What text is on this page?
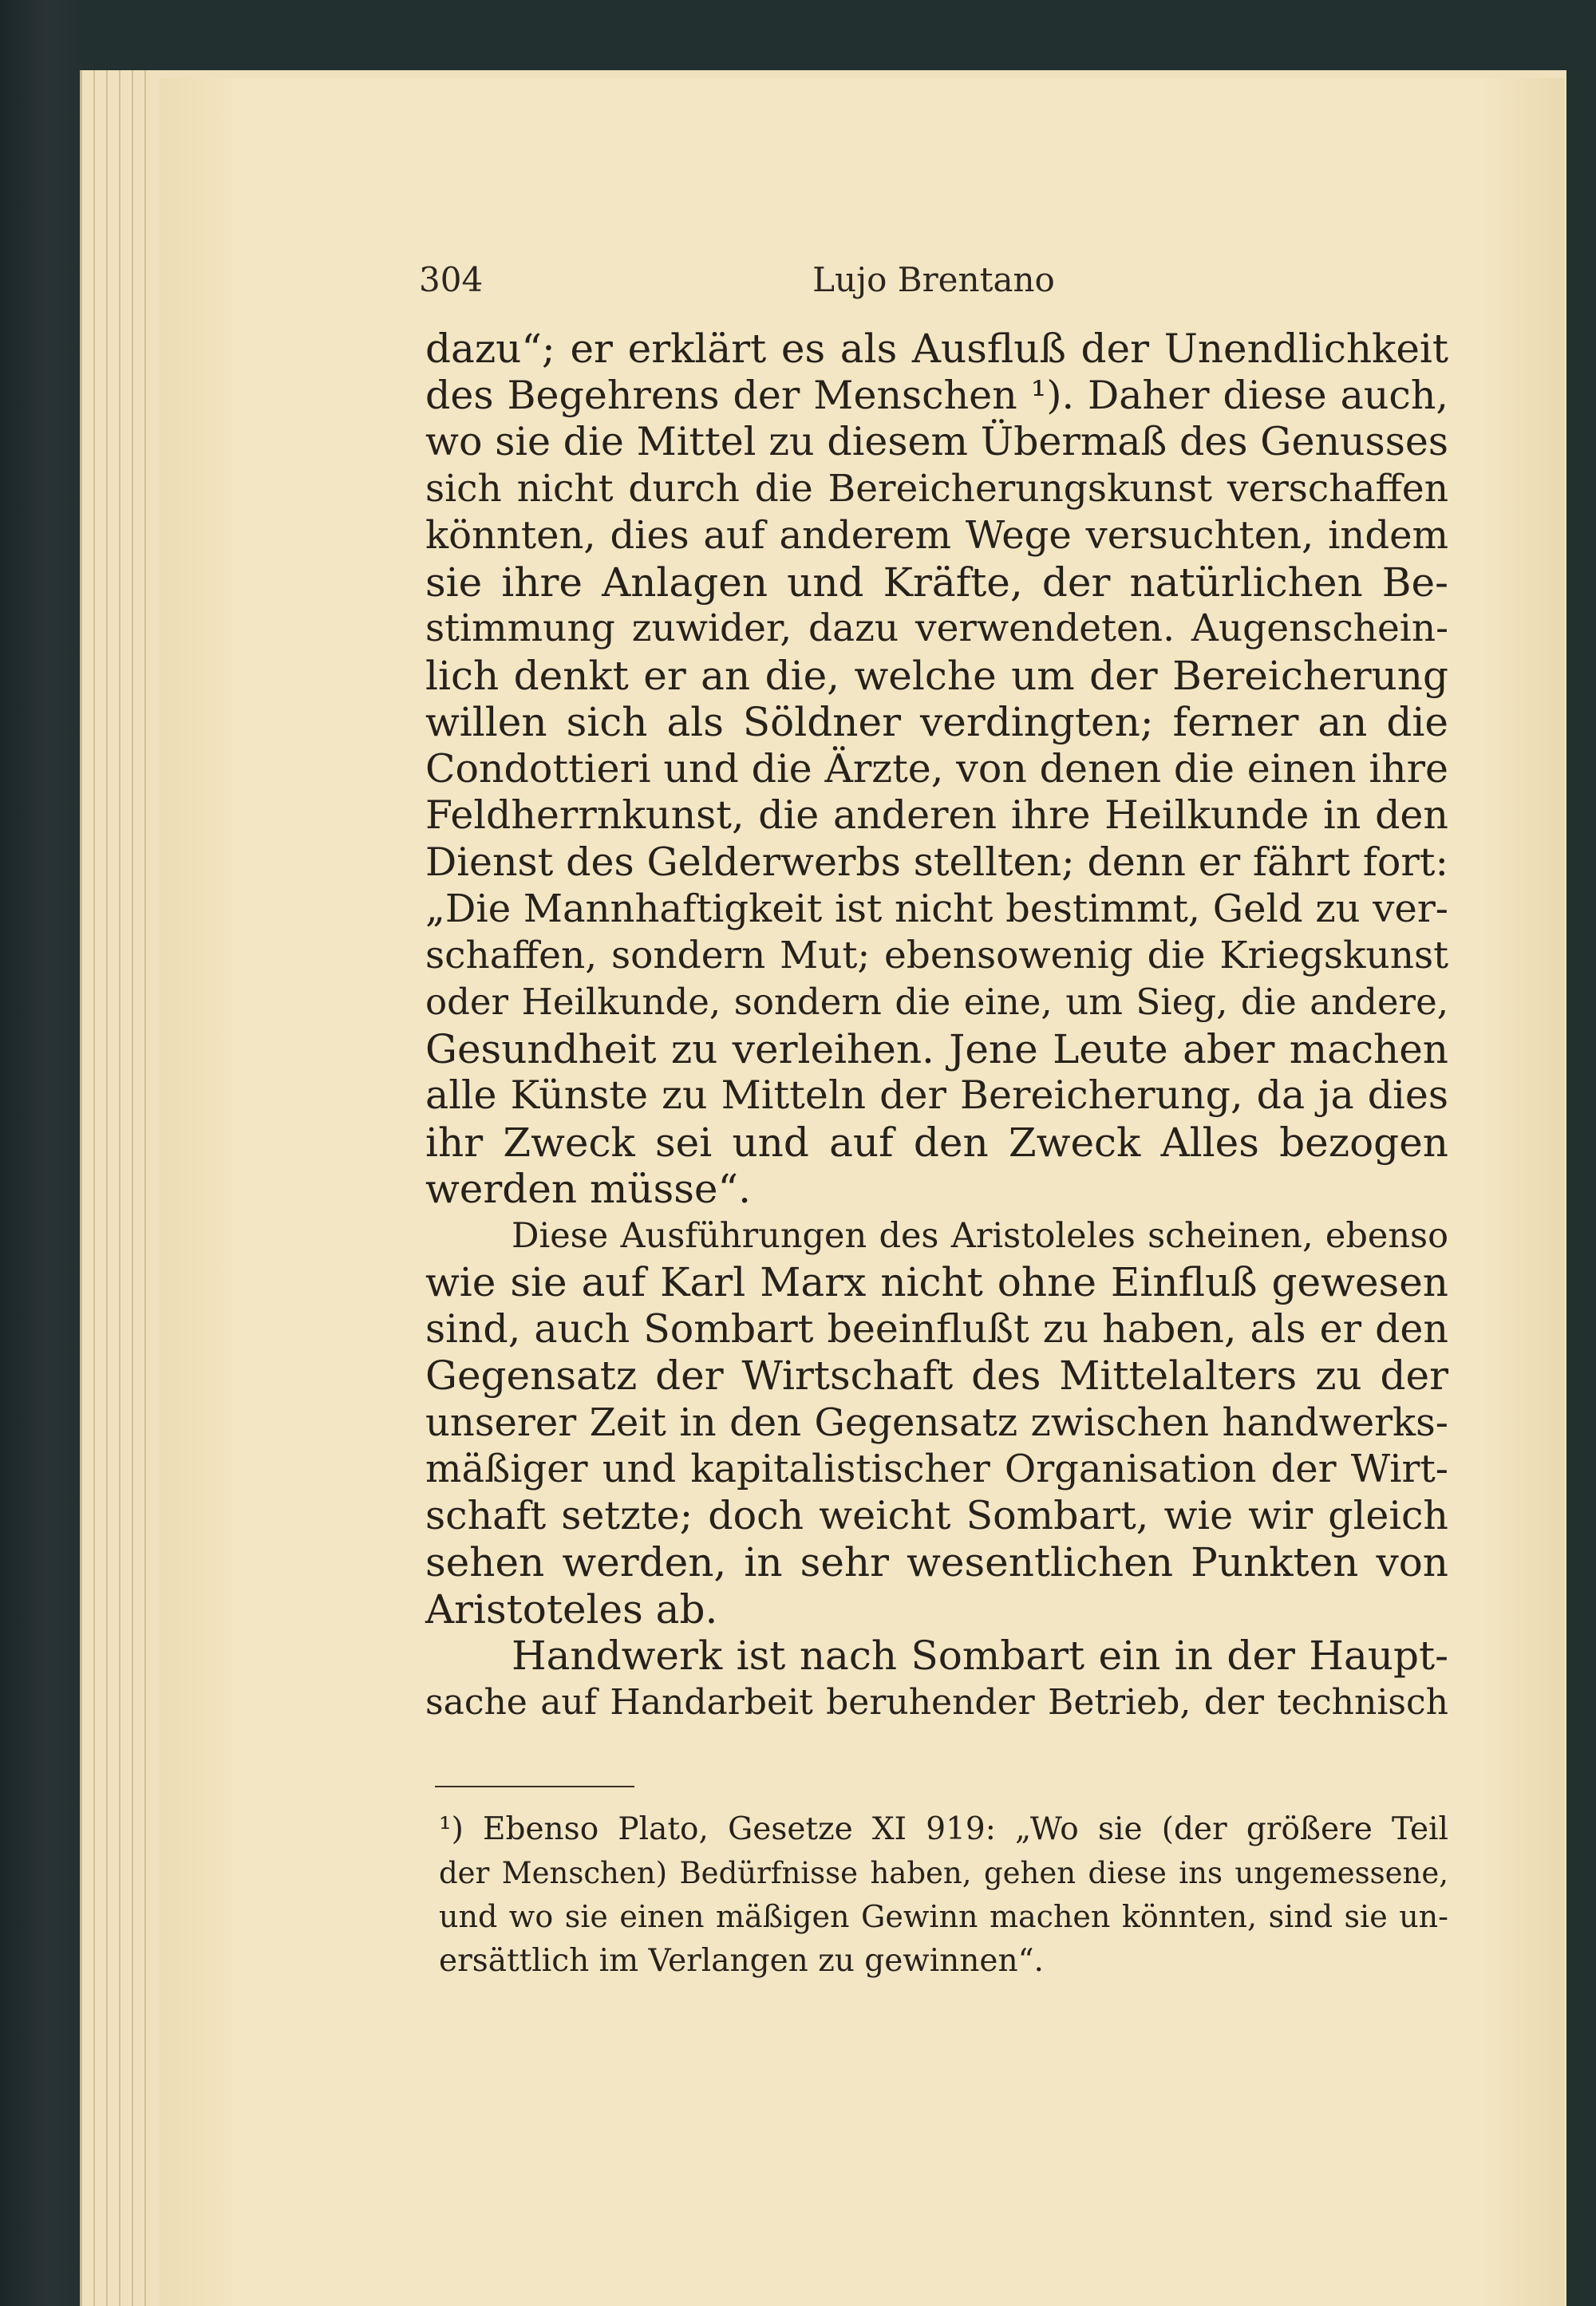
304	Lujo Brentano
dazu“; er erklärt es als Ausfluß der Unendlichkeit
des Begehrens der Menschen ¹). Daher diese auch,
wo sie die Mittel zu diesem Übermaß des Genusses
sich nicht durch die Bereicherungskunst verschaffen
könnten, dies auf anderem Wege versuchten, indem
sie ihre Anlagen und Kräfte, der natürlichen Be-
stimmung zuwider, dazu verwendeten. Augenschein-
lich denkt er an die, welche um der Bereicherung
willen sich als Söldner verdingten; ferner an die
Condottieri und die Ärzte, von denen die einen ihre
Feldherrnkunst, die anderen ihre Heilkunde in den
Dienst des Gelderwerbs stellten; denn er fährt fort:
„Die Mannhaftigkeit ist nicht bestimmt, Geld zu ver-
schaffen, sondern Mut; ebensowenig die Kriegskunst
oder Heilkunde, sondern die eine, um Sieg, die andere,
Gesundheit zu verleihen. Jene Leute aber machen
alle Künste zu Mitteln der Bereicherung, da ja dies
ihr Zweck sei und auf den Zweck Alles bezogen
werden müsse“.
Diese Ausführungen des Aristoleles scheinen, ebenso
wie sie auf Karl Marx nicht ohne Einfluß gewesen
sind, auch Sombart beeinflußt zu haben, als er den
Gegensatz der Wirtschaft des Mittelalters zu der
unserer Zeit in den Gegensatz zwischen handwerks-
mäßiger und kapitalistischer Organisation der Wirt-
schaft setzte; doch weicht Sombart, wie wir gleich
sehen werden, in sehr wesentlichen Punkten von
Aristoteles ab.
Handwerk ist nach Sombart ein in der Haupt-
sache auf Handarbeit beruhender Betrieb, der technisch
¹) Ebenso Plato, Gesetze XI 919: „Wo sie (der größere Teil
der Menschen) Bedürfnisse haben, gehen diese ins ungemessene,
und wo sie einen mäßigen Gewinn machen könnten, sind sie un-
ersättlich im Verlangen zu gewinnen“.
